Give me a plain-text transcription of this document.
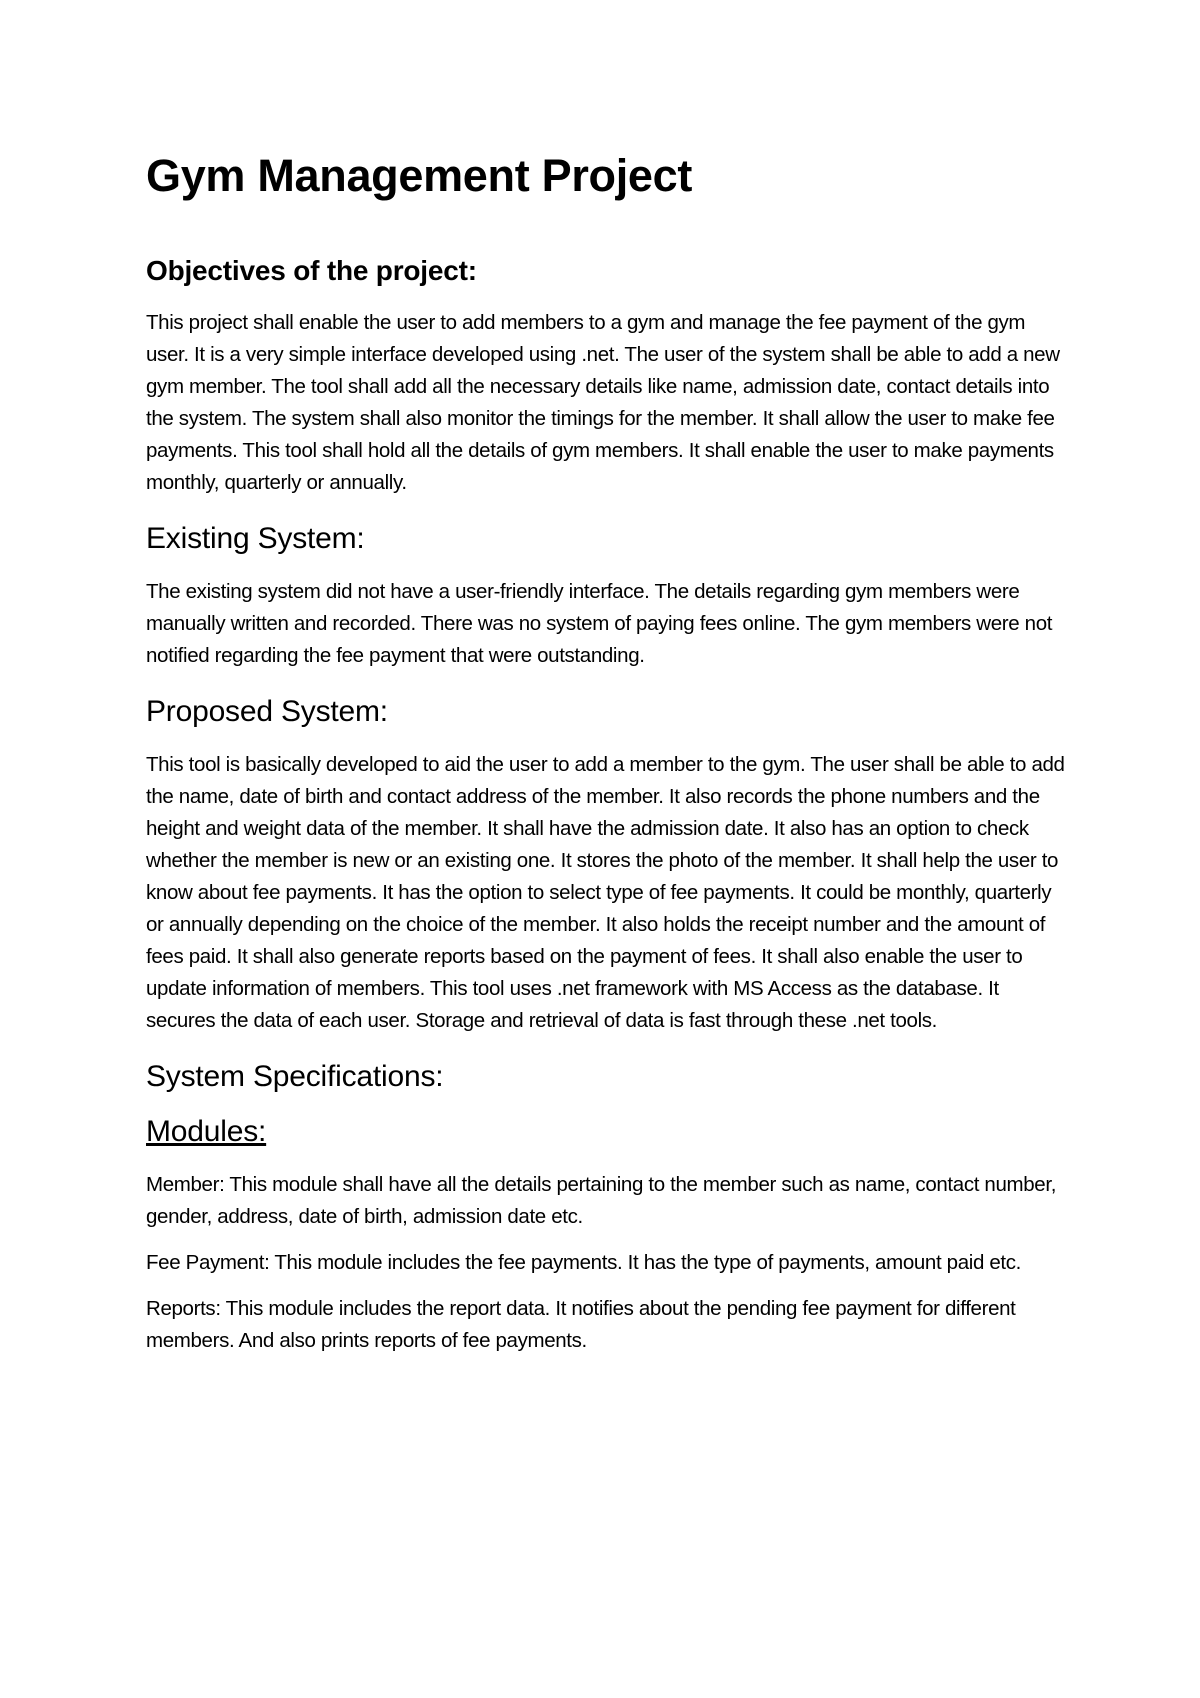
Gym Management Project
Objectives of the project:

This project shall enable the user to add members to a gym and manage the fee payment of the gym user. It is a very simple interface developed using .net. The user of the system shall be able to add a new gym member. The tool shall add all the necessary details like name, admission date, contact details into the system. The system shall also monitor the timings for the member. It shall allow the user to make fee payments. This tool shall hold all the details of gym members. It shall enable the user to make payments monthly, quarterly or annually.

Existing System:

The existing system did not have a user-friendly interface. The details regarding gym members were manually written and recorded. There was no system of paying fees online. The gym members were not notified regarding the fee payment that were outstanding.

Proposed System:

This tool is basically developed to aid the user to add a member to the gym. The user shall be able to add the name, date of birth and contact address of the member. It also records the phone numbers and the height and weight data of the member. It shall have the admission date. It also has an option to check whether the member is new or an existing one. It stores the photo of the member. It shall help the user to know about fee payments. It has the option to select type of fee payments. It could be monthly, quarterly or annually depending on the choice of the member. It also holds the receipt number and the amount of fees paid. It shall also generate reports based on the payment of fees. It shall also enable the user to update information of members. This tool uses .net framework with MS Access as the database. It secures the data of each user. Storage and retrieval of data is fast through these .net tools.

System Specifications:
Modules:

Member: This module shall have all the details pertaining to the member such as name, contact number, gender, address, date of birth, admission date etc.

Fee Payment: This module includes the fee payments. It has the type of payments, amount paid etc.

Reports: This module includes the report data. It notifies about the pending fee payment for different members. And also prints reports of fee payments.
